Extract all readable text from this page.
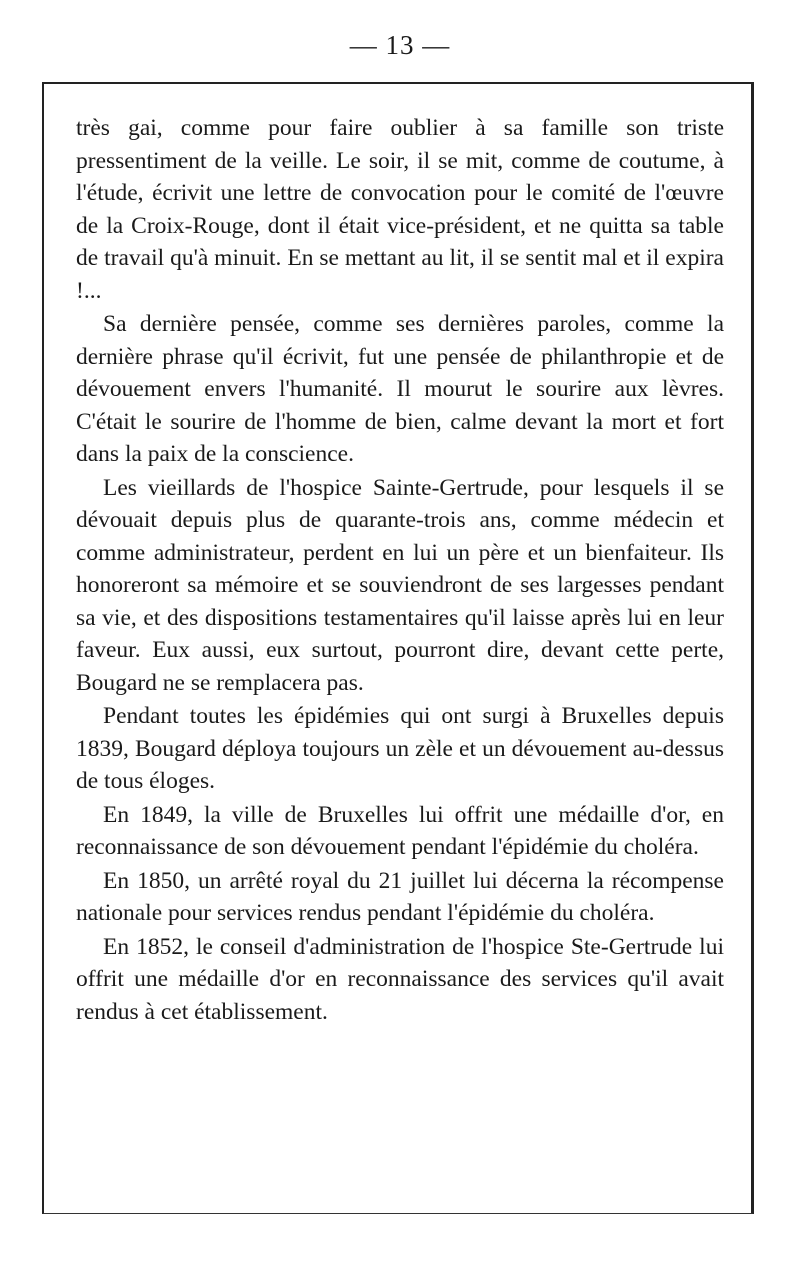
— 13 —

très gai, comme pour faire oublier à sa famille son triste pressentiment de la veille. Le soir, il se mit, comme de coutume, à l'étude, écrivit une lettre de convocation pour le comité de l'œuvre de la Croix-Rouge, dont il était vice-président, et ne quitta sa table de travail qu'à minuit. En se mettant au lit, il se sentit mal et il expira !...

Sa dernière pensée, comme ses dernières paroles, comme la dernière phrase qu'il écrivit, fut une pensée de philanthropie et de dévouement envers l'humanité. Il mourut le sourire aux lèvres. C'était le sourire de l'homme de bien, calme devant la mort et fort dans la paix de la conscience.

Les vieillards de l'hospice Sainte-Gertrude, pour lesquels il se dévouait depuis plus de quarante-trois ans, comme médecin et comme administrateur, perdent en lui un père et un bienfaiteur. Ils honoreront sa mémoire et se souviendront de ses largesses pendant sa vie, et des dispositions testamentaires qu'il laisse après lui en leur faveur. Eux aussi, eux surtout, pourront dire, devant cette perte, Bougard ne se remplacera pas.

Pendant toutes les épidémies qui ont surgi à Bruxelles depuis 1839, Bougard déploya toujours un zèle et un dévouement au-dessus de tous éloges.

En 1849, la ville de Bruxelles lui offrit une médaille d'or, en reconnaissance de son dévouement pendant l'épidémie du choléra.

En 1850, un arrêté royal du 21 juillet lui décerna la récompense nationale pour services rendus pendant l'épidémie du choléra.

En 1852, le conseil d'administration de l'hospice Ste-Gertrude lui offrit une médaille d'or en reconnaissance des services qu'il avait rendus à cet établissement.
